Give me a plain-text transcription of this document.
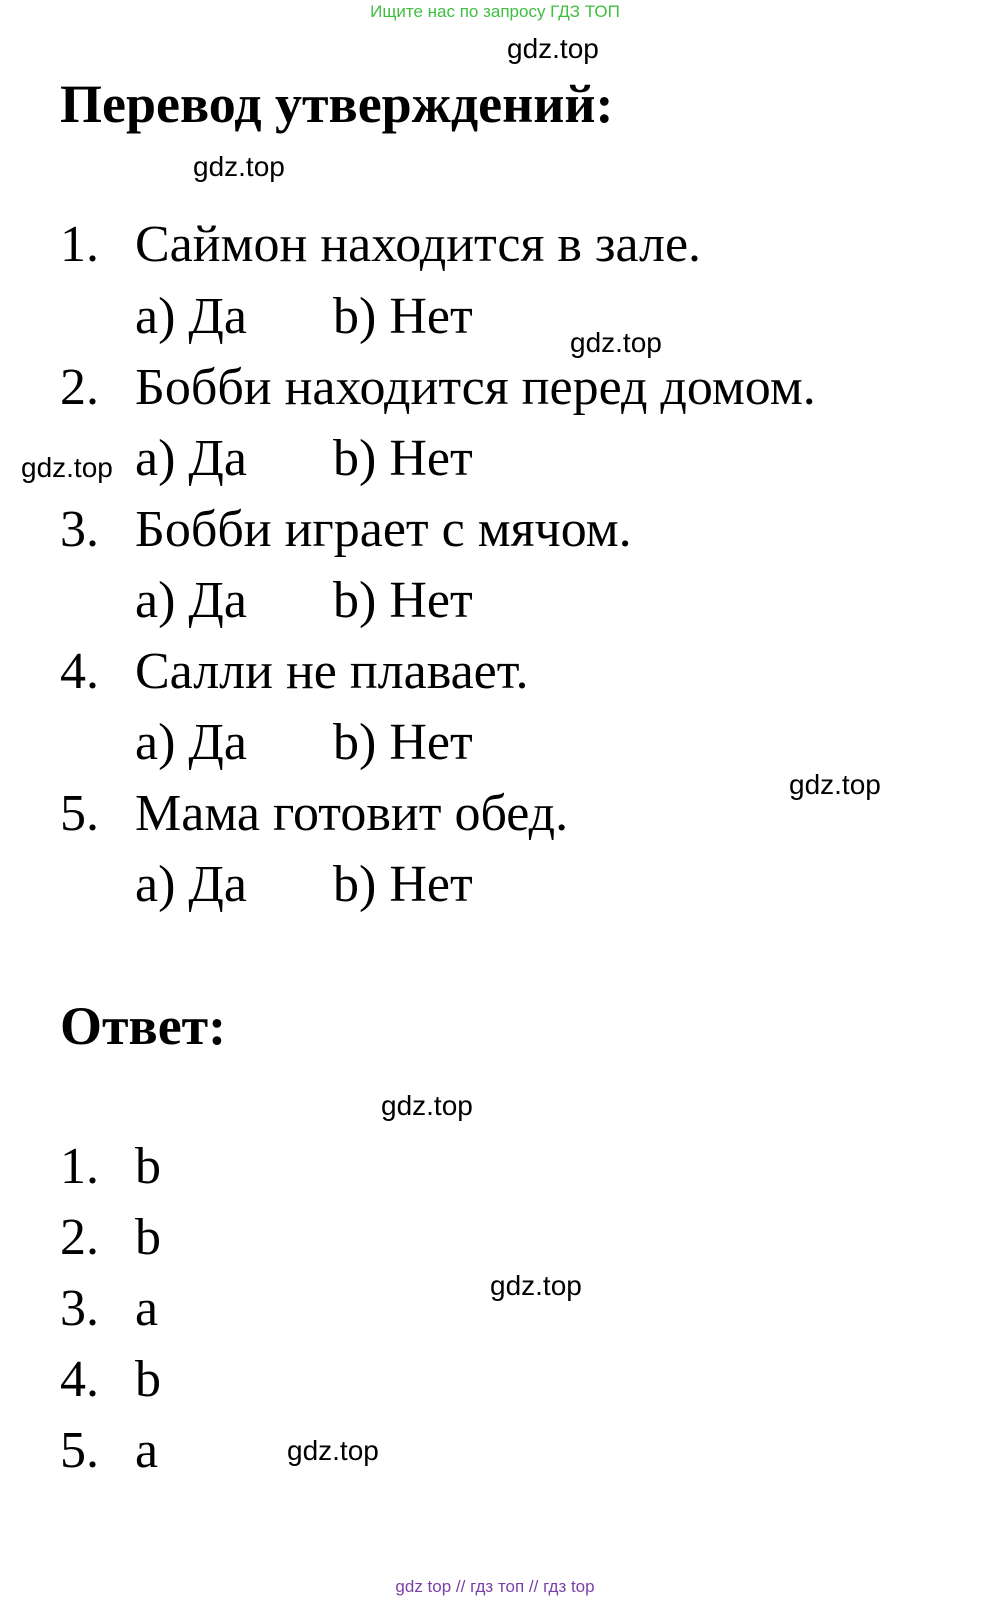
Ищите нас по запросу ГДЗ ТОП
gdz.top
Перевод утверждений:
gdz.top
1. Саймон находится в зале.
a) Да b) Нет	gdz.top
2. Бобби находится перед домом.
gdz.top a) Да b) Нет
3. Бобби играет с мячом.
a) Да b) Нет
4. Салли не плавает.
a) Да b) Нет
gdz.top
5. Мама готовит обед.
a) Да b) Нет
Ответ:
gdz.top
1. b
2. b
3. a	gdz.top
4. b
5. a	gdz.top
gdz top // гдз топ // гдз top
